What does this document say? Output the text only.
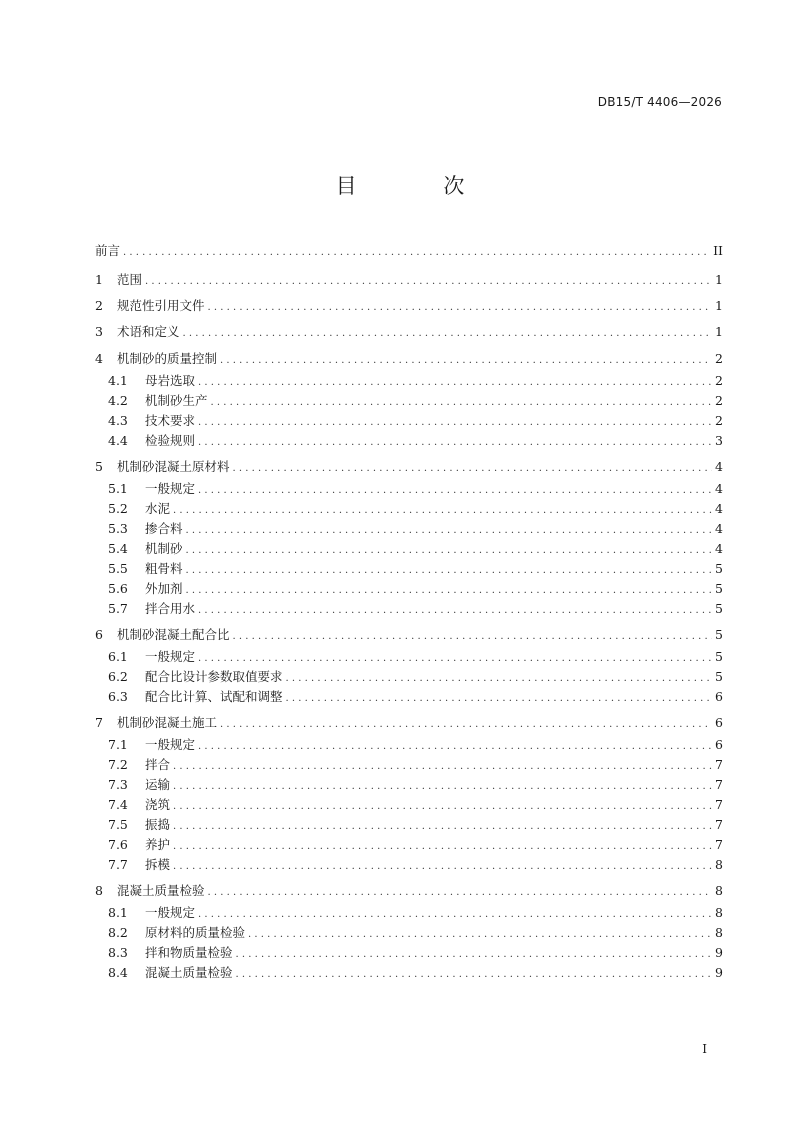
DB15/T 4406—2026
目 次
前言 .....	II
1	范围 .....	1
2	规范性引用文件 .....	1
3	术语和定义 .....	1
4	机制砂的质量控制 .....	2
4.1	母岩选取 .....	2
4.2	机制砂生产 .....	2
4.3	技术要求 .....	2
4.4	检验规则 .....	3
5	机制砂混凝土原材料 .....	4
5.1	一般规定 .....	4
5.2	水泥 .....	4
5.3	掺合料 .....	4
5.4	机制砂 .....	4
5.5	粗骨料 .....	5
5.6	外加剂 .....	5
5.7	拌合用水 .....	5
6	机制砂混凝土配合比 .....	5
6.1	一般规定 .....	5
6.2	配合比设计参数取值要求 .....	5
6.3	配合比计算、试配和调整 .....	6
7	机制砂混凝土施工 .....	6
7.1	一般规定 .....	6
7.2	拌合 .....	7
7.3	运输 .....	7
7.4	浇筑 .....	7
7.5	振捣 .....	7
7.6	养护 .....	7
7.7	拆模 .....	8
8	混凝土质量检验 .....	8
8.1	一般规定 .....	8
8.2	原材料的质量检验 .....	8
8.3	拌和物质量检验 .....	9
8.4	混凝土质量检验 .....	9
I
